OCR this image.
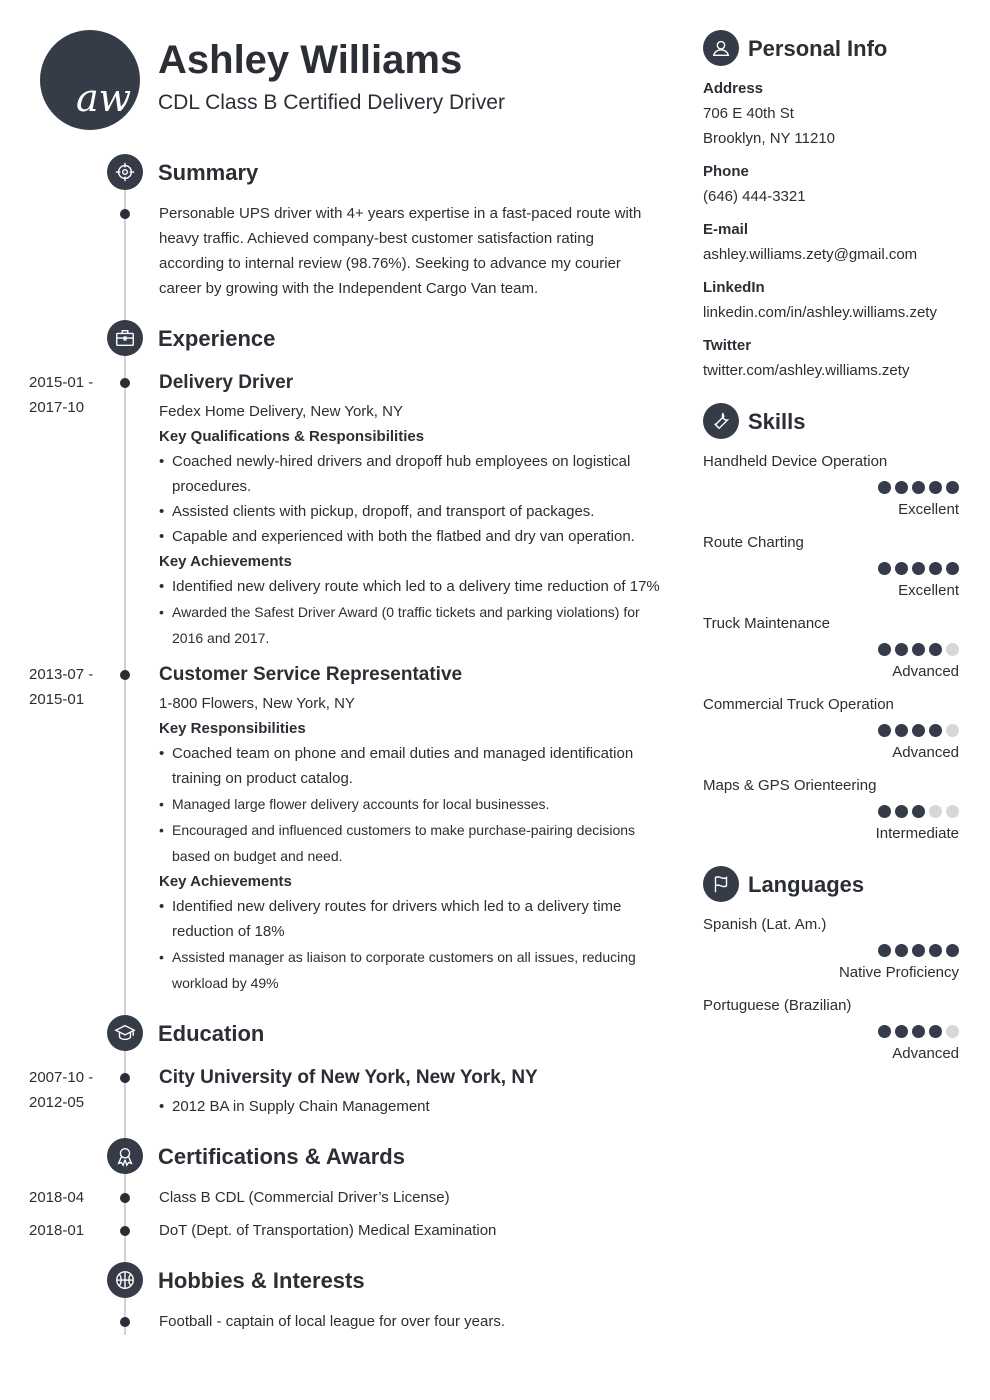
aw
Ashley Williams
CDL Class B Certified Delivery Driver
Summary
Personable UPS driver with 4+ years expertise in a fast-paced route with heavy traffic. Achieved company-best customer satisfaction rating according to internal review (98.76%). Seeking to advance my courier career by growing with the Independent Cargo Van team.
Experience
2015-01 -
2017-10
Delivery Driver
Fedex Home Delivery, New York, NY
Key Qualifications & Responsibilities
• Coached newly-hired drivers and dropoff hub employees on logistical procedures.
• Assisted clients with pickup, dropoff, and transport of packages.
• Capable and experienced with both the flatbed and dry van operation.
Key Achievements
• Identified new delivery route which led to a delivery time reduction of 17%
• Awarded the Safest Driver Award (0 traffic tickets and parking violations) for 2016 and 2017.
2013-07 -
2015-01
Customer Service Representative
1-800 Flowers, New York, NY
Key Responsibilities
• Coached team on phone and email duties and managed identification training on product catalog.
• Managed large flower delivery accounts for local businesses.
• Encouraged and influenced customers to make purchase-pairing decisions based on budget and need.
Key Achievements
• Identified new delivery routes for drivers which led to a delivery time reduction of 18%
• Assisted manager as liaison to corporate customers on all issues, reducing workload by 49%
Education
2007-10 -
2012-05
City University of New York, New York, NY
• 2012 BA in Supply Chain Management
Certifications & Awards
2018-04	Class B CDL (Commercial Driver’s License)
2018-01	DoT (Dept. of Transportation) Medical Examination
Hobbies & Interests
Football - captain of local league for over four years.
Personal Info
Address
706 E 40th St
Brooklyn, NY 11210
Phone
(646) 444-3321
E-mail
ashley.williams.zety@gmail.com
LinkedIn
linkedin.com/in/ashley.williams.zety
Twitter
twitter.com/ashley.williams.zety
Skills
Handheld Device Operation
Excellent
Route Charting
Excellent
Truck Maintenance
Advanced
Commercial Truck Operation
Advanced
Maps & GPS Orienteering
Intermediate
Languages
Spanish (Lat. Am.)
Native Proficiency
Portuguese (Brazilian)
Advanced
